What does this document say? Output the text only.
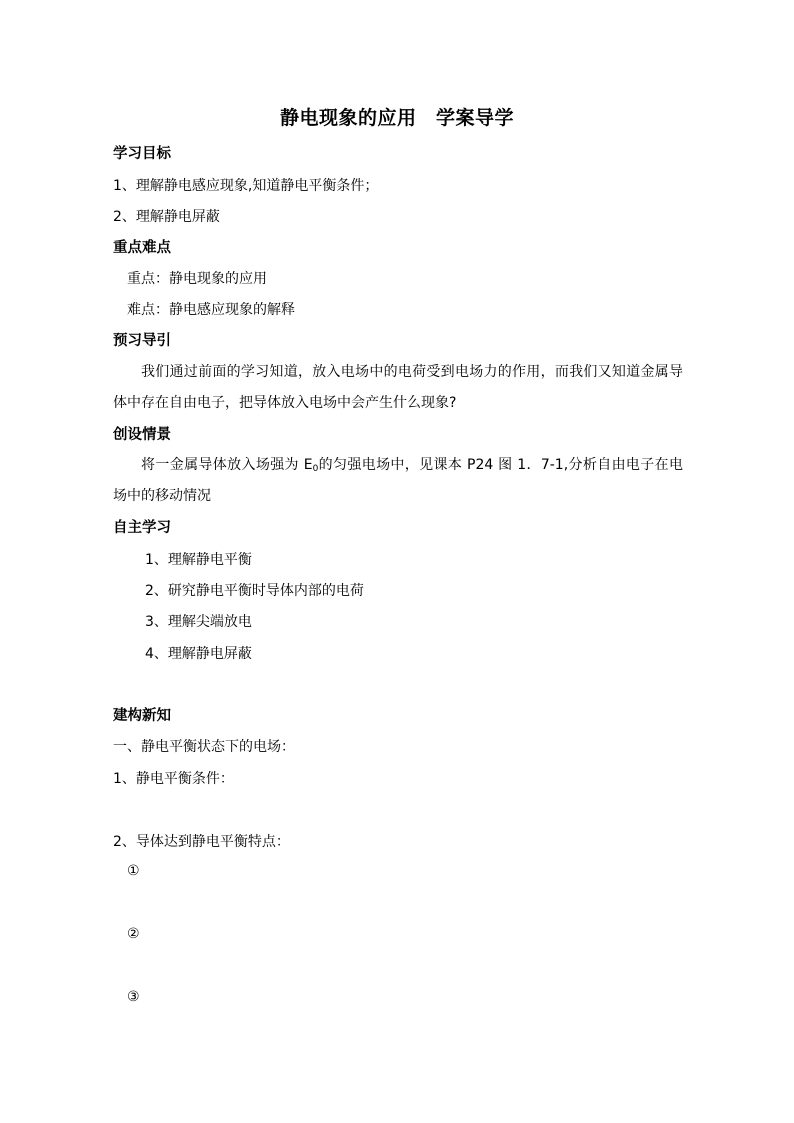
静电现象的应用　学案导学
学习目标
1、理解静电感应现象,知道静电平衡条件；
2、理解静电屏蔽
重点难点
重点：静电现象的应用
难点：静电感应现象的解释
预习导引
我们通过前面的学习知道，放入电场中的电荷受到电场力的作用，而我们又知道金属导体中存在自由电子，把导体放入电场中会产生什么现象?
创设情景
将一金属导体放入场强为 $E_0$的匀强电场中，见课本 P24 图 1．7-1,分析自由电子在电场中的移动情况
自主学习
1、理解静电平衡
2、研究静电平衡时导体内部的电荷
3、理解尖端放电
4、理解静电屏蔽
建构新知
一、静电平衡状态下的电场：
1、静电平衡条件：
2、导体达到静电平衡特点：
①
②
③
